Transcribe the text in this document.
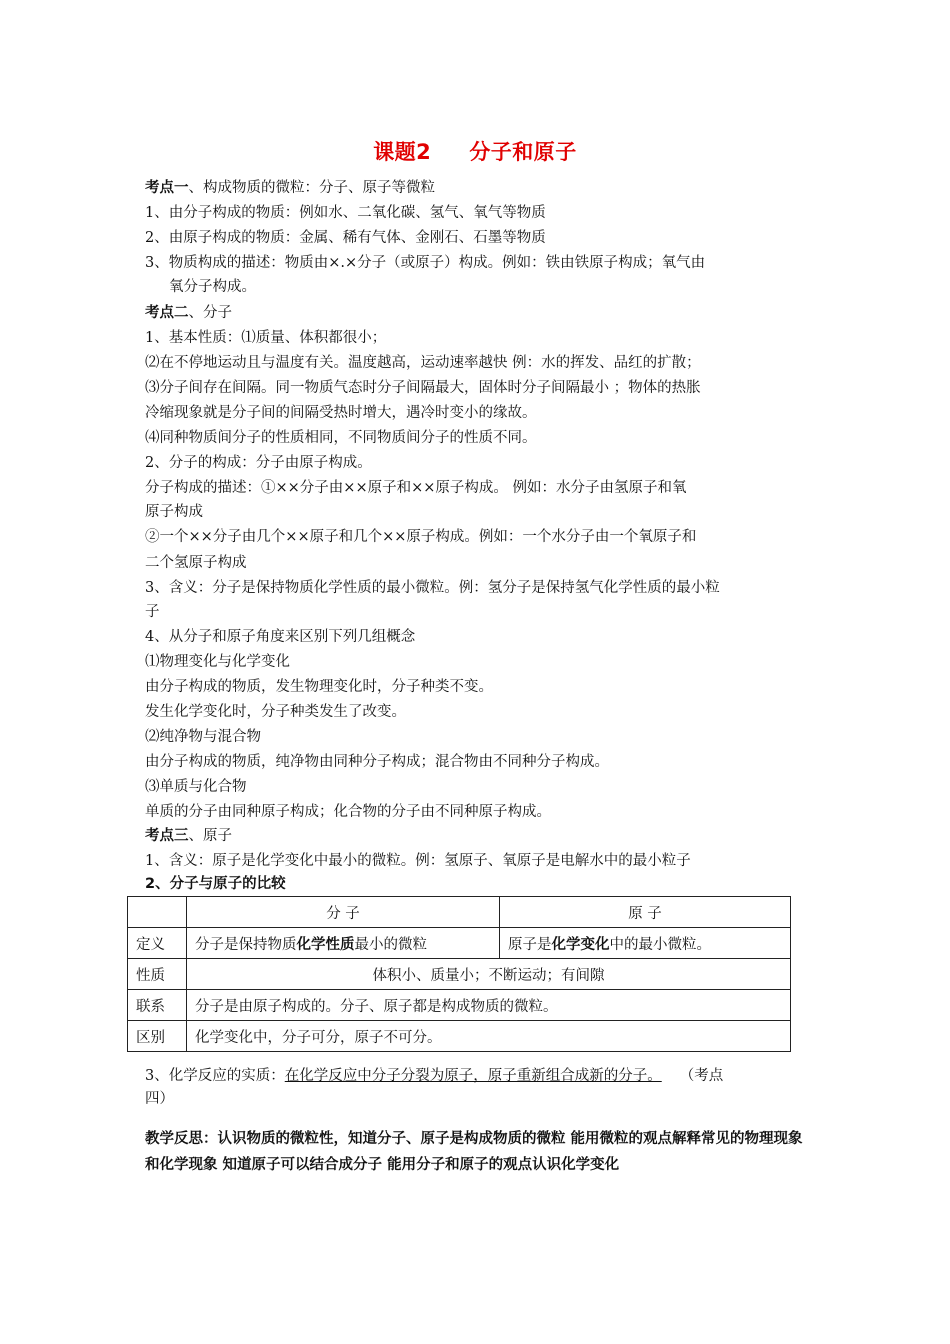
课题2 分子和原子
考点一、构成物质的微粒：分子、原子等微粒
1、由分子构成的物质：例如水、二氧化碳、氢气、氧气等物质
2、由原子构成的物质：金属、稀有气体、金刚石、石墨等物质
3、物质构成的描述：物质由×.×分子（或原子）构成。例如：铁由铁原子构成；氧气由
氧分子构成。
考点二、分子
1、基本性质：⑴质量、体积都很小；
⑵在不停地运动且与温度有关。温度越高，运动速率越快 例：水的挥发、品红的扩散；
⑶分子间存在间隔。同一物质气态时分子间隔最大，固体时分子间隔最小 ；物体的热胀
冷缩现象就是分子间的间隔受热时增大，遇冷时变小的缘故。
⑷同种物质间分子的性质相同，不同物质间分子的性质不同。
2、分子的构成：分子由原子构成。
分子构成的描述：①××分子由××原子和××原子构成。 例如：水分子由氢原子和氧
原子构成
②一个××分子由几个××原子和几个××原子构成。例如：一个水分子由一个氧原子和
二个氢原子构成
3、含义：分子是保持物质化学性质的最小微粒。例：氢分子是保持氢气化学性质的最小粒
子
4、从分子和原子角度来区别下列几组概念
⑴物理变化与化学变化
由分子构成的物质，发生物理变化时，分子种类不变。
发生化学变化时，分子种类发生了改变。
⑵纯净物与混合物
由分子构成的物质，纯净物由同种分子构成；混合物由不同种分子构成。
⑶单质与化合物
单质的分子由同种原子构成；化合物的分子由不同种原子构成。
考点三、原子
1、含义：原子是化学变化中最小的微粒。例：氢原子、氧原子是电解水中的最小粒子
2、分子与原子的比较
	分 子	原 子
定义	分子是保持物质化学性质最小的微粒	原子是化学变化中的最小微粒。
性质	体积小、质量小；不断运动；有间隙	
联系	分子是由原子构成的。分子、原子都是构成物质的微粒。	
区别	化学变化中，分子可分，原子不可分。	
3、化学反应的实质：在化学反应中分子分裂为原子，原子重新组合成新的分子。 （考点
四）
教学反思：认识物质的微粒性，知道分子、原子是构成物质的微粒 能用微粒的观点解释常见的物理现象和化学现象 知道原子可以结合成分子 能用分子和原子的观点认识化学变化
